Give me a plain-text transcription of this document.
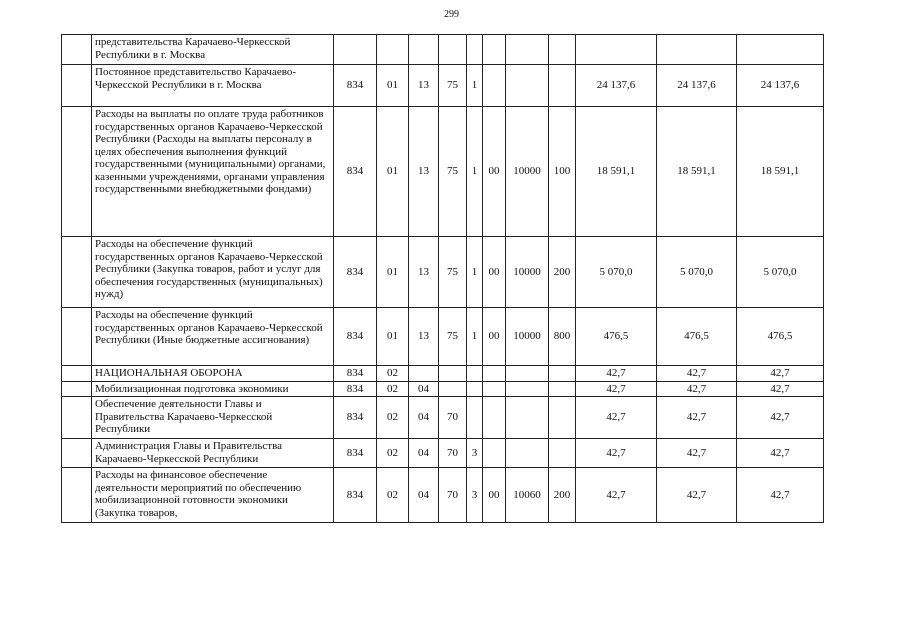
299
	представительства Карачаево-Черкесской Республики в г. Москва											
	Постоянное представительство Карачаево-Черкесской Республики в г. Москва	834	01	13	75	1				24 137,6	24 137,6	24 137,6
	Расходы на выплаты по оплате труда работников государственных органов Карачаево-Черкесской Республики (Расходы на выплаты персоналу в целях обеспечения выполнения функций государственными (муниципальными) органами, казенными учреждениями, органами управления государственными внебюджетными фондами)	834	01	13	75	1	00	10000	100	18 591,1	18 591,1	18 591,1
	Расходы на обеспечение функций государственных органов Карачаево-Черкесской Республики (Закупка товаров, работ и услуг для обеспечения государственных (муниципальных) нужд)	834	01	13	75	1	00	10000	200	5 070,0	5 070,0	5 070,0
	Расходы на обеспечение функций государственных органов Карачаево-Черкесской Республики (Иные бюджетные ассигнования)	834	01	13	75	1	00	10000	800	476,5	476,5	476,5
	НАЦИОНАЛЬНАЯ ОБОРОНА	834	02							42,7	42,7	42,7
	Мобилизационная подготовка экономики	834	02	04						42,7	42,7	42,7
	Обеспечение деятельности Главы и Правительства Карачаево-Черкесской Республики	834	02	04	70					42,7	42,7	42,7
	Администрация Главы и Правительства Карачаево-Черкесской Республики	834	02	04	70	3				42,7	42,7	42,7
	Расходы на финансовое обеспечение деятельности мероприятий по обеспечению мобилизационной готовности экономики (Закупка товаров,	834	02	04	70	3	00	10060	200	42,7	42,7	42,7
